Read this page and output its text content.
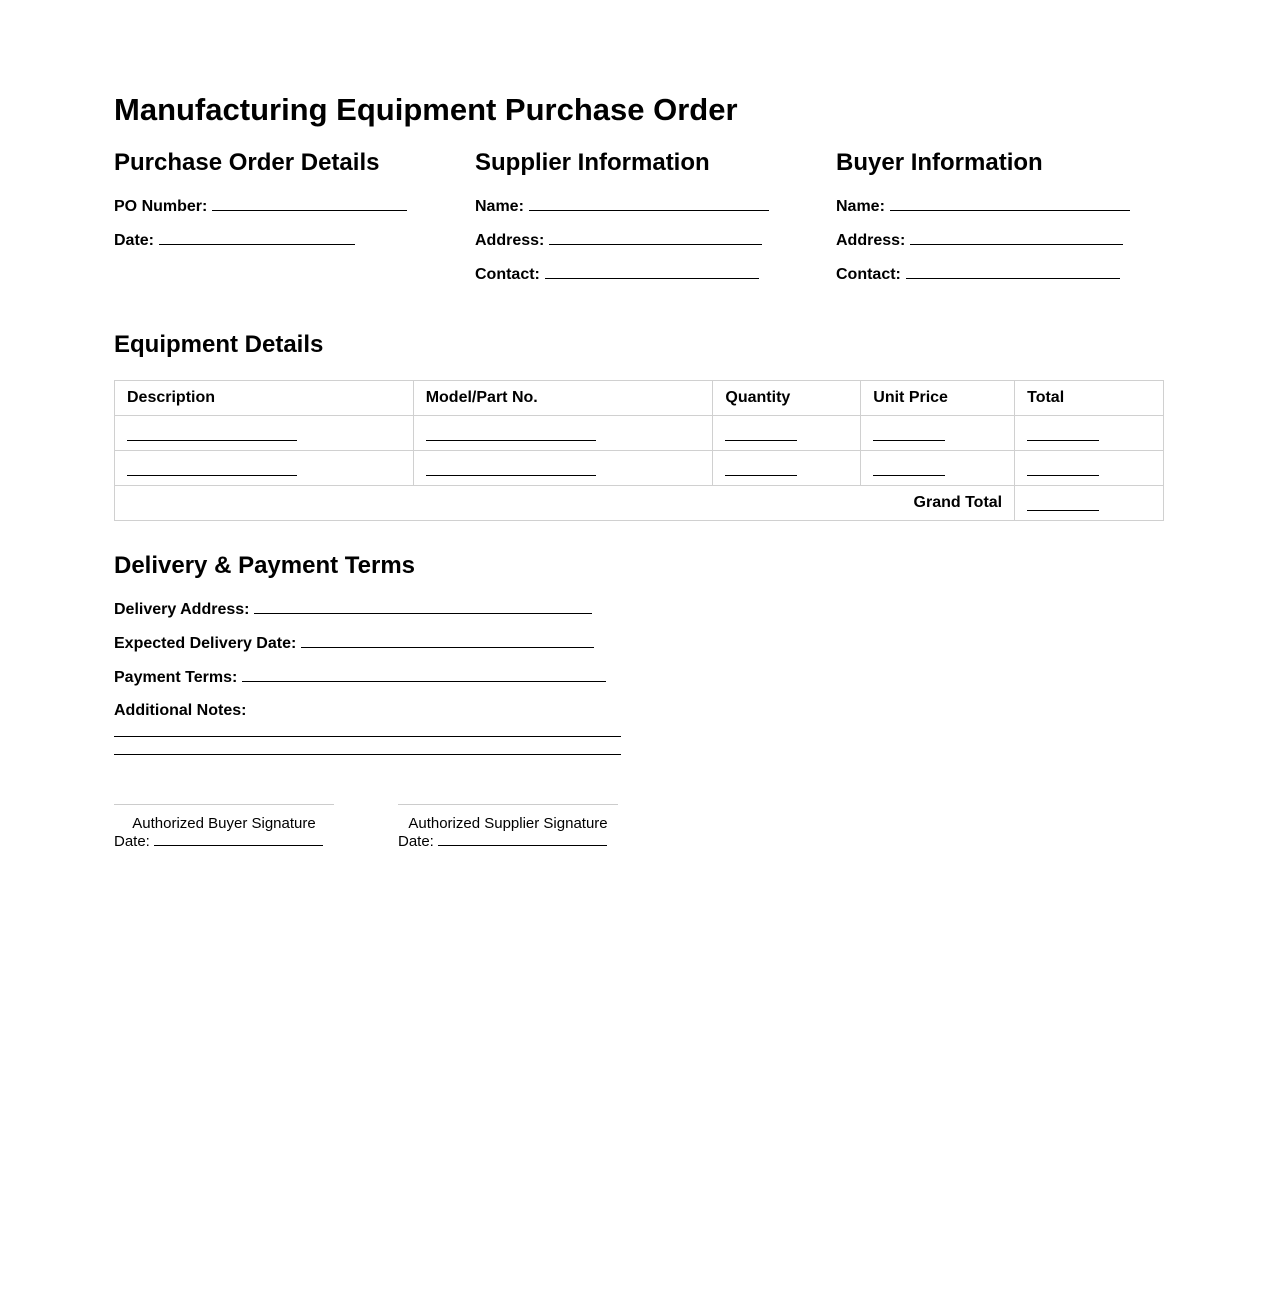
Manufacturing Equipment Purchase Order
Purchase Order Details
PO Number:
Date:
Supplier Information
Name:
Address:
Contact:
Buyer Information
Name:
Address:
Contact:
Equipment Details
Description	Model/Part No.	Quantity	Unit Price	Total

Grand Total				
Delivery & Payment Terms
Delivery Address:
Expected Delivery Date:
Payment Terms:
Additional Notes:
Authorized Buyer Signature
Date:
Authorized Supplier Signature
Date:
